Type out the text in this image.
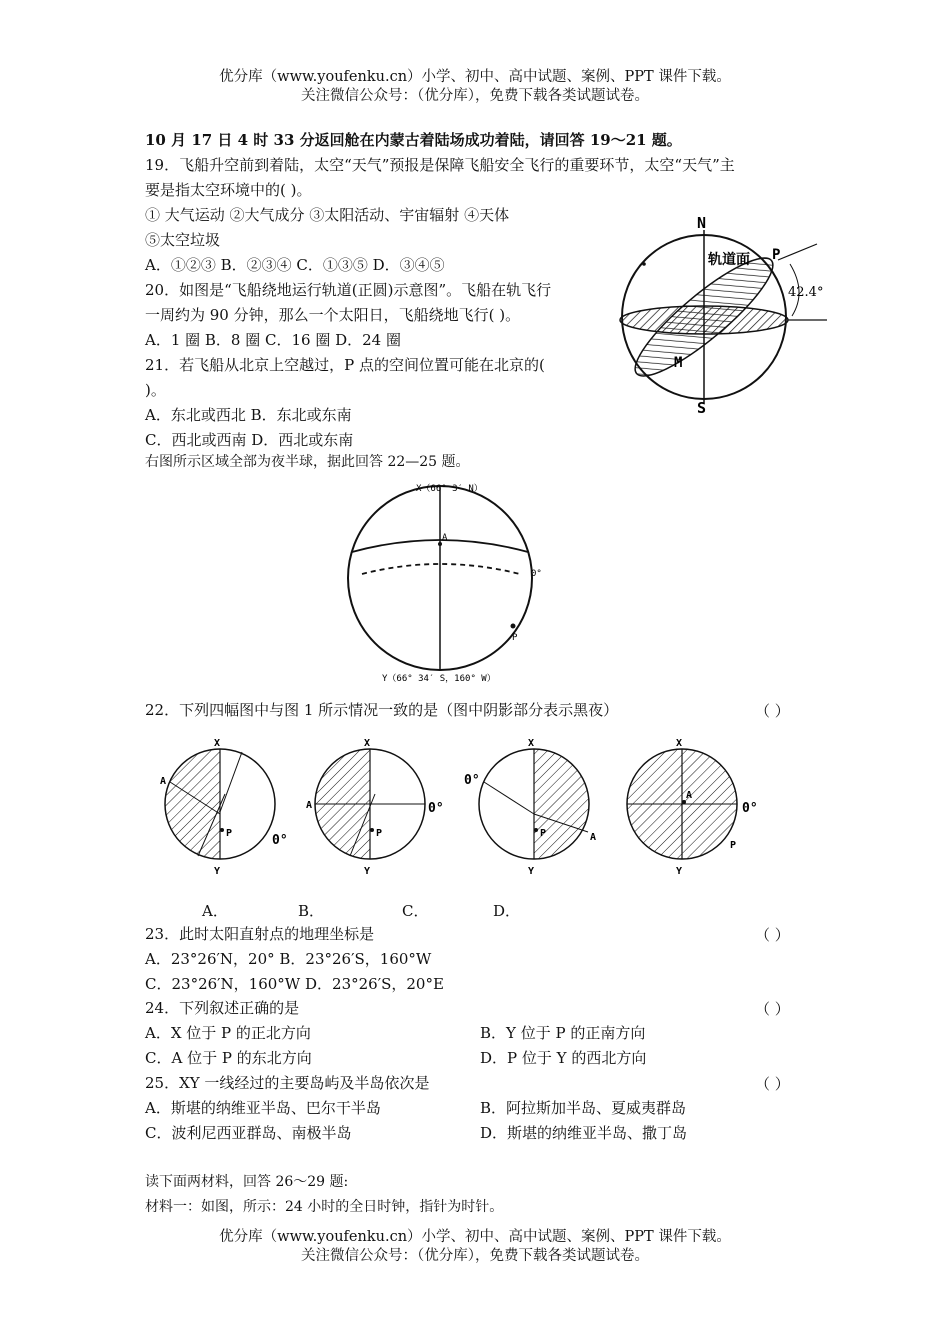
优分库（www.youfenku.cn）小学、初中、高中试题、案例、PPT 课件下载。
关注微信公众号：（优分库），免费下载各类试题试卷。
10 月 17 日 4 时 33 分返回舱在内蒙古着陆场成功着陆，请回答 19～21 题。
19．飞船升空前到着陆，太空“天气”预报是保障飞船安全飞行的重要环节，太空“天气”主
要是指太空环境中的( )。
① 大气运动 ②大气成分 ③太阳活动、宇宙辐射 ④天体
⑤太空垃圾
A．①②③ B．②③④ C．①③⑤ D．③④⑤
20．如图是“飞船绕地运行轨道(正圆)示意图”。飞船在轨飞行
一周约为 90 分钟，那么一个太阳日，飞船绕地飞行( )。
A．1 圈 B．8 圈 C．16 圈 D．24 圈
21．若飞船从北京上空越过，P 点的空间位置可能在北京的(
)。
A．东北或西北 B．东北或东南
C．西北或西南 D．西北或东南
N
S
轨道面 P
M
42.4°
右图所示区域全部为夜半球，据此回答 22—25 题。
X（66° 3′ N）
Y（66° 34′ S，160° W）
A
P
0°
22．下列四幅图中与图 1 所示情况一致的是（图中阴影部分表示黑夜）	（ ）
X
Y
A
P	0°
X
Y
A
P
0°
X
Y
A
P
0°
X
Y
A
P
0°
A．	B．	C．	D．
23．此时太阳直射点的地理坐标是	（ ）
A．23°26′N，20° B．23°26′S，160°W
C．23°26′N，160°W D．23°26′S，20°E
24．下列叙述正确的是	（ ）
A．X 位于 P 的正北方向	B．Y 位于 P 的正南方向
C．A 位于 P 的东北方向	D．P 位于 Y 的西北方向
25．XY 一线经过的主要岛屿及半岛依次是	（ ）
A．斯堪的纳维亚半岛、巴尔干半岛	B．阿拉斯加半岛、夏威夷群岛
C．波利尼西亚群岛、南极半岛	D．斯堪的纳维亚半岛、撒丁岛
读下面两材料，回答 26～29 题:
材料一：如图，所示：24 小时的全日时钟，指针为时针。
优分库（www.youfenku.cn）小学、初中、高中试题、案例、PPT 课件下载。
关注微信公众号：（优分库），免费下载各类试题试卷。
